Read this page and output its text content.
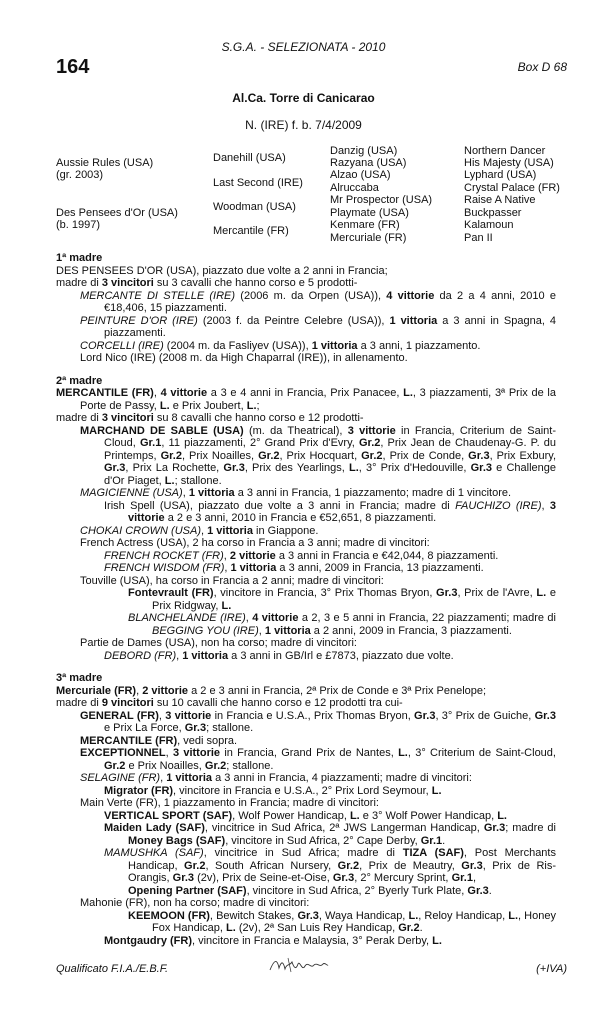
S.G.A. - SELEZIONATA - 2010
164	Box D 68
Al.Ca. Torre di Canicarao
N. (IRE) f. b. 7/4/2009
Aussie Rules (USA)
(gr. 2003)
Des Pensees d'Or (USA)
(b. 1997)
Danehill (USA)
Last Second (IRE)
Woodman (USA)
Mercantile (FR)
Danzig (USA)
Razyana (USA)
Alzao (USA)
Alruccaba
Mr Prospector (USA)
Playmate (USA)
Kenmare (FR)
Mercuriale (FR)
Northern Dancer
His Majesty (USA)
Lyphard (USA)
Crystal Palace (FR)
Raise A Native
Buckpasser
Kalamoun
Pan II

1ª madre

DES PENSEES D'OR (USA), piazzato due volte a 2 anni in Francia;

madre di 3 vincitori su 3 cavalli che hanno corso e 5 prodotti-

MERCANTE DI STELLE (IRE) (2006 m. da Orpen (USA)), 4 vittorie da 2 a 4 anni, 2010 e €18,406, 15 piazzamenti.

PEINTURE D'OR (IRE) (2003 f. da Peintre Celebre (USA)), 1 vittoria a 3 anni in Spagna, 4 piazzamenti.

CORCELLI (IRE) (2004 m. da Fasliyev (USA)), 1 vittoria a 3 anni, 1 piazzamento.

Lord Nico (IRE) (2008 m. da High Chaparral (IRE)), in allenamento.

2ª madre

MERCANTILE (FR), 4 vittorie a 3 e 4 anni in Francia, Prix Panacee, L., 3 piazzamenti, 3ª Prix de la Porte de Passy, L. e Prix Joubert, L.;

madre di 3 vincitori su 8 cavalli che hanno corso e 12 prodotti-

MARCHAND DE SABLE (USA) (m. da Theatrical), 3 vittorie in Francia, Criterium de Saint-Cloud, Gr.1, 11 piazzamenti, 2° Grand Prix d'Evry, Gr.2, Prix Jean de Chaudenay-G. P. du Printemps, Gr.2, Prix Noailles, Gr.2, Prix Hocquart, Gr.2, Prix de Conde, Gr.3, Prix Exbury, Gr.3, Prix La Rochette, Gr.3, Prix des Yearlings, L., 3° Prix d'Hedouville, Gr.3 e Challenge d'Or Piaget, L.; stallone.

MAGICIENNE (USA), 1 vittoria a 3 anni in Francia, 1 piazzamento; madre di 1 vincitore.

Irish Spell (USA), piazzato due volte a 3 anni in Francia; madre di FAUCHIZO (IRE), 3 vittorie a 2 e 3 anni, 2010 in Francia e €52,651, 8 piazzamenti.

CHOKAI CROWN (USA), 1 vittoria in Giappone.

French Actress (USA), 2 ha corso in Francia a 3 anni; madre di vincitori:

FRENCH ROCKET (FR), 2 vittorie a 3 anni in Francia e €42,044, 8 piazzamenti.

FRENCH WISDOM (FR), 1 vittoria a 3 anni, 2009 in Francia, 13 piazzamenti.

Touville (USA), ha corso in Francia a 2 anni; madre di vincitori:

Fontevrault (FR), vincitore in Francia, 3° Prix Thomas Bryon, Gr.3, Prix de l'Avre, L. e Prix Ridgway, L.

BLANCHELANDE (IRE), 4 vittorie a 2, 3 e 5 anni in Francia, 22 piazzamenti; madre di BEGGING YOU (IRE), 1 vittoria a 2 anni, 2009 in Francia, 3 piazzamenti.

Partie de Dames (USA), non ha corso; madre di vincitori:

DEBORD (FR), 1 vittoria a 3 anni in GB/Irl e £7873, piazzato due volte.

3ª madre

Mercuriale (FR), 2 vittorie a 2 e 3 anni in Francia, 2ª Prix de Conde e 3ª Prix Penelope;

madre di 9 vincitori su 10 cavalli che hanno corso e 12 prodotti tra cui-

GENERAL (FR), 3 vittorie in Francia e U.S.A., Prix Thomas Bryon, Gr.3, 3° Prix de Guiche, Gr.3 e Prix La Force, Gr.3; stallone.

MERCANTILE (FR), vedi sopra.

EXCEPTIONNEL, 3 vittorie in Francia, Grand Prix de Nantes, L., 3° Criterium de Saint-Cloud, Gr.2 e Prix Noailles, Gr.2; stallone.

SELAGINE (FR), 1 vittoria a 3 anni in Francia, 4 piazzamenti; madre di vincitori:

Migrator (FR), vincitore in Francia e U.S.A., 2° Prix Lord Seymour, L.

Main Verte (FR), 1 piazzamento in Francia; madre di vincitori:

VERTICAL SPORT (SAF), Wolf Power Handicap, L. e 3° Wolf Power Handicap, L.

Maiden Lady (SAF), vincitrice in Sud Africa, 2ª JWS Langerman Handicap, Gr.3; madre di Money Bags (SAF), vincitore in Sud Africa, 2° Cape Derby, Gr.1.

MAMUSHKA (SAF), vincitrice in Sud Africa; madre di TIZA (SAF), Post Merchants Handicap, Gr.2, South African Nursery, Gr.2, Prix de Meautry, Gr.3, Prix de Ris-Orangis, Gr.3 (2v), Prix de Seine-et-Oise, Gr.3, 2° Mercury Sprint, Gr.1,

Opening Partner (SAF), vincitore in Sud Africa, 2° Byerly Turk Plate, Gr.3.

Mahonie (FR), non ha corso; madre di vincitori:

KEEMOON (FR), Bewitch Stakes, Gr.3, Waya Handicap, L., Reloy Handicap, L., Honey Fox Handicap, L. (2v), 2ª San Luis Rey Handicap, Gr.2.

Montgaudry (FR), vincitore in Francia e Malaysia, 3° Perak Derby, L.

Qualificato F.I.A./E.B.F.	(+IVA)
